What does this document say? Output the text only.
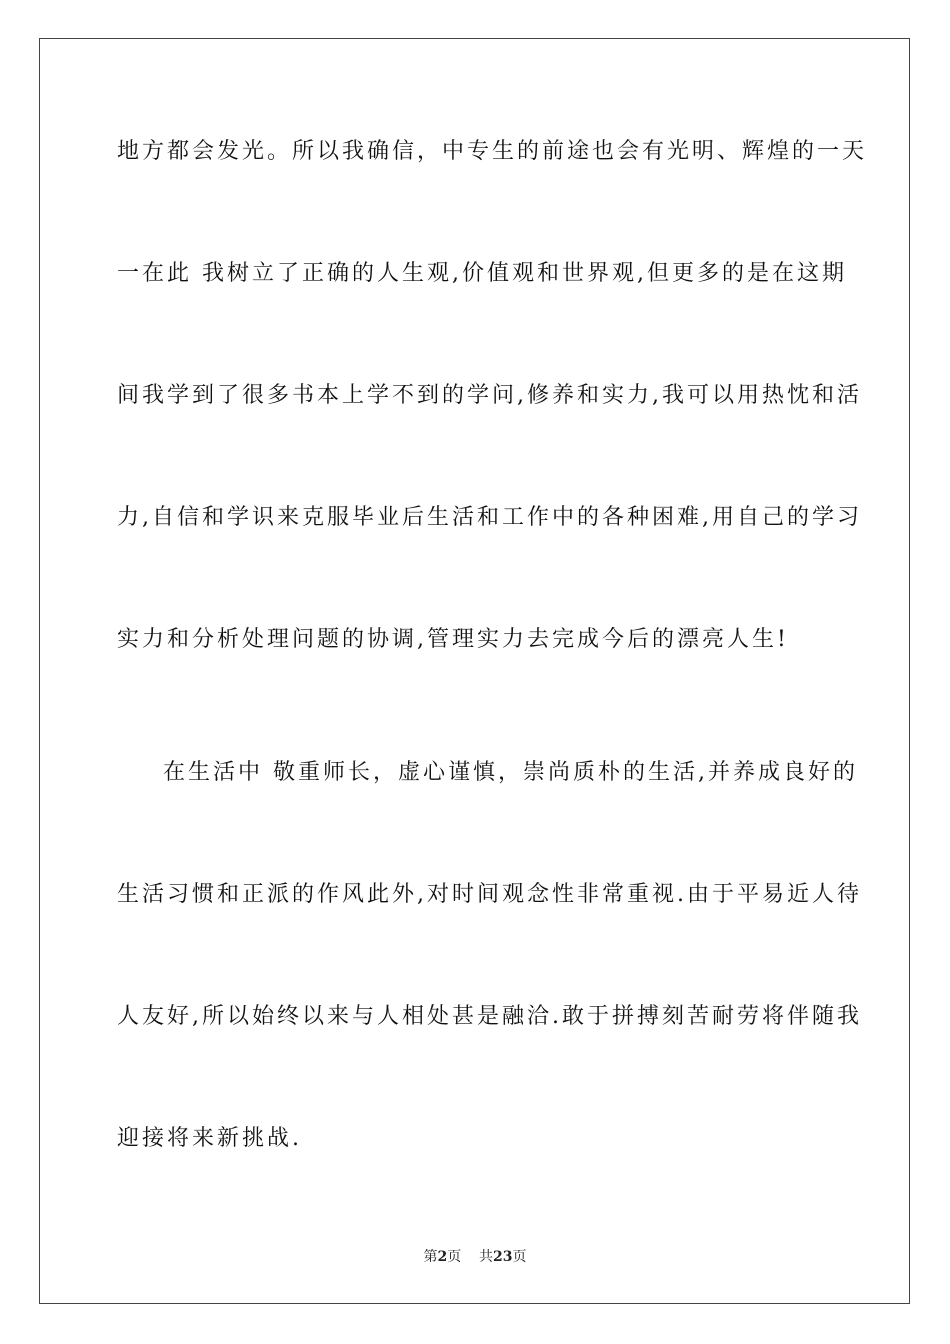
地方都会发光。所以我确信，中专生的前途也会有光明、辉煌的一天
一在此 我树立了正确的人生观,价值观和世界观,但更多的是在这期
间我学到了很多书本上学不到的学问,修养和实力,我可以用热忱和活
力,自信和学识来克服毕业后生活和工作中的各种困难,用自己的学习
实力和分析处理问题的协调,管理实力去完成今后的漂亮人生!
在生活中 敬重师长，虚心谨慎，崇尚质朴的生活,并养成良好的
生活习惯和正派的作风此外,对时间观念性非常重视.由于平易近人待
人友好,所以始终以来与人相处甚是融洽.敢于拼搏刻苦耐劳将伴随我
迎接将来新挑战.
第2页 共23页
